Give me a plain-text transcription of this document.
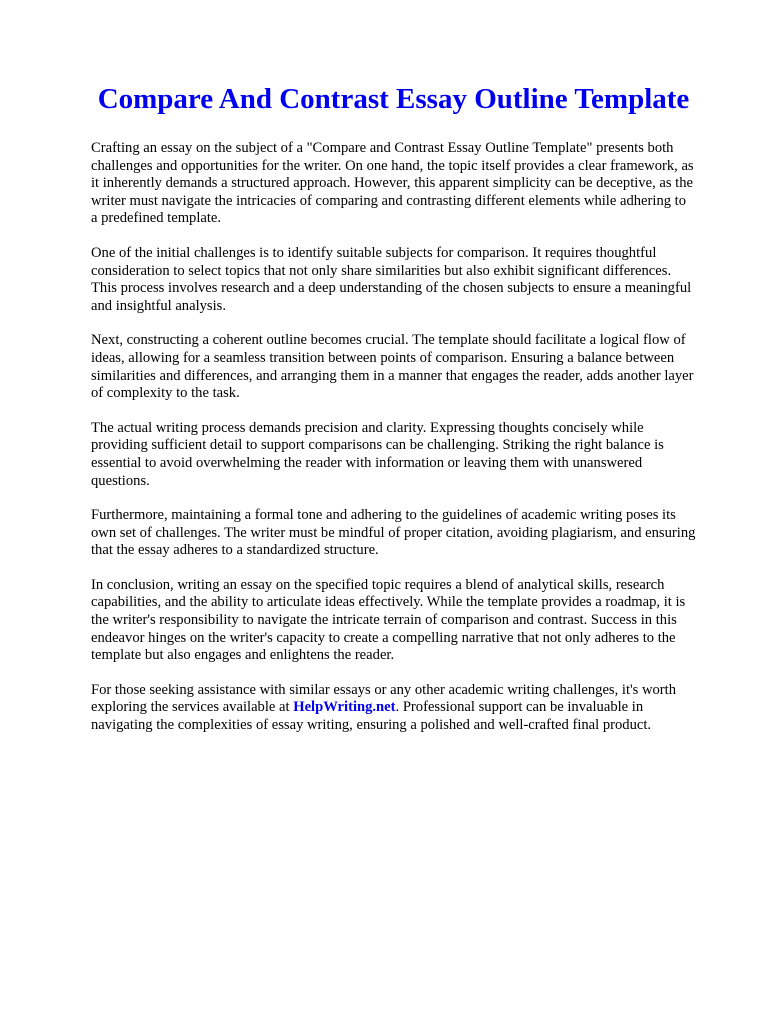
Compare And Contrast Essay Outline Template

Crafting an essay on the subject of a "Compare and Contrast Essay Outline Template" presents both challenges and opportunities for the writer. On one hand, the topic itself provides a clear framework, as it inherently demands a structured approach. However, this apparent simplicity can be deceptive, as the writer must navigate the intricacies of comparing and contrasting different elements while adhering to a predefined template.

One of the initial challenges is to identify suitable subjects for comparison. It requires thoughtful consideration to select topics that not only share similarities but also exhibit significant differences. This process involves research and a deep understanding of the chosen subjects to ensure a meaningful and insightful analysis.

Next, constructing a coherent outline becomes crucial. The template should facilitate a logical flow of ideas, allowing for a seamless transition between points of comparison. Ensuring a balance between similarities and differences, and arranging them in a manner that engages the reader, adds another layer of complexity to the task.

The actual writing process demands precision and clarity. Expressing thoughts concisely while providing sufficient detail to support comparisons can be challenging. Striking the right balance is essential to avoid overwhelming the reader with information or leaving them with unanswered questions.

Furthermore, maintaining a formal tone and adhering to the guidelines of academic writing poses its own set of challenges. The writer must be mindful of proper citation, avoiding plagiarism, and ensuring that the essay adheres to a standardized structure.

In conclusion, writing an essay on the specified topic requires a blend of analytical skills, research capabilities, and the ability to articulate ideas effectively. While the template provides a roadmap, it is the writer's responsibility to navigate the intricate terrain of comparison and contrast. Success in this endeavor hinges on the writer's capacity to create a compelling narrative that not only adheres to the template but also engages and enlightens the reader.

For those seeking assistance with similar essays or any other academic writing challenges, it's worth exploring the services available at HelpWriting.net. Professional support can be invaluable in navigating the complexities of essay writing, ensuring a polished and well-crafted final product.
